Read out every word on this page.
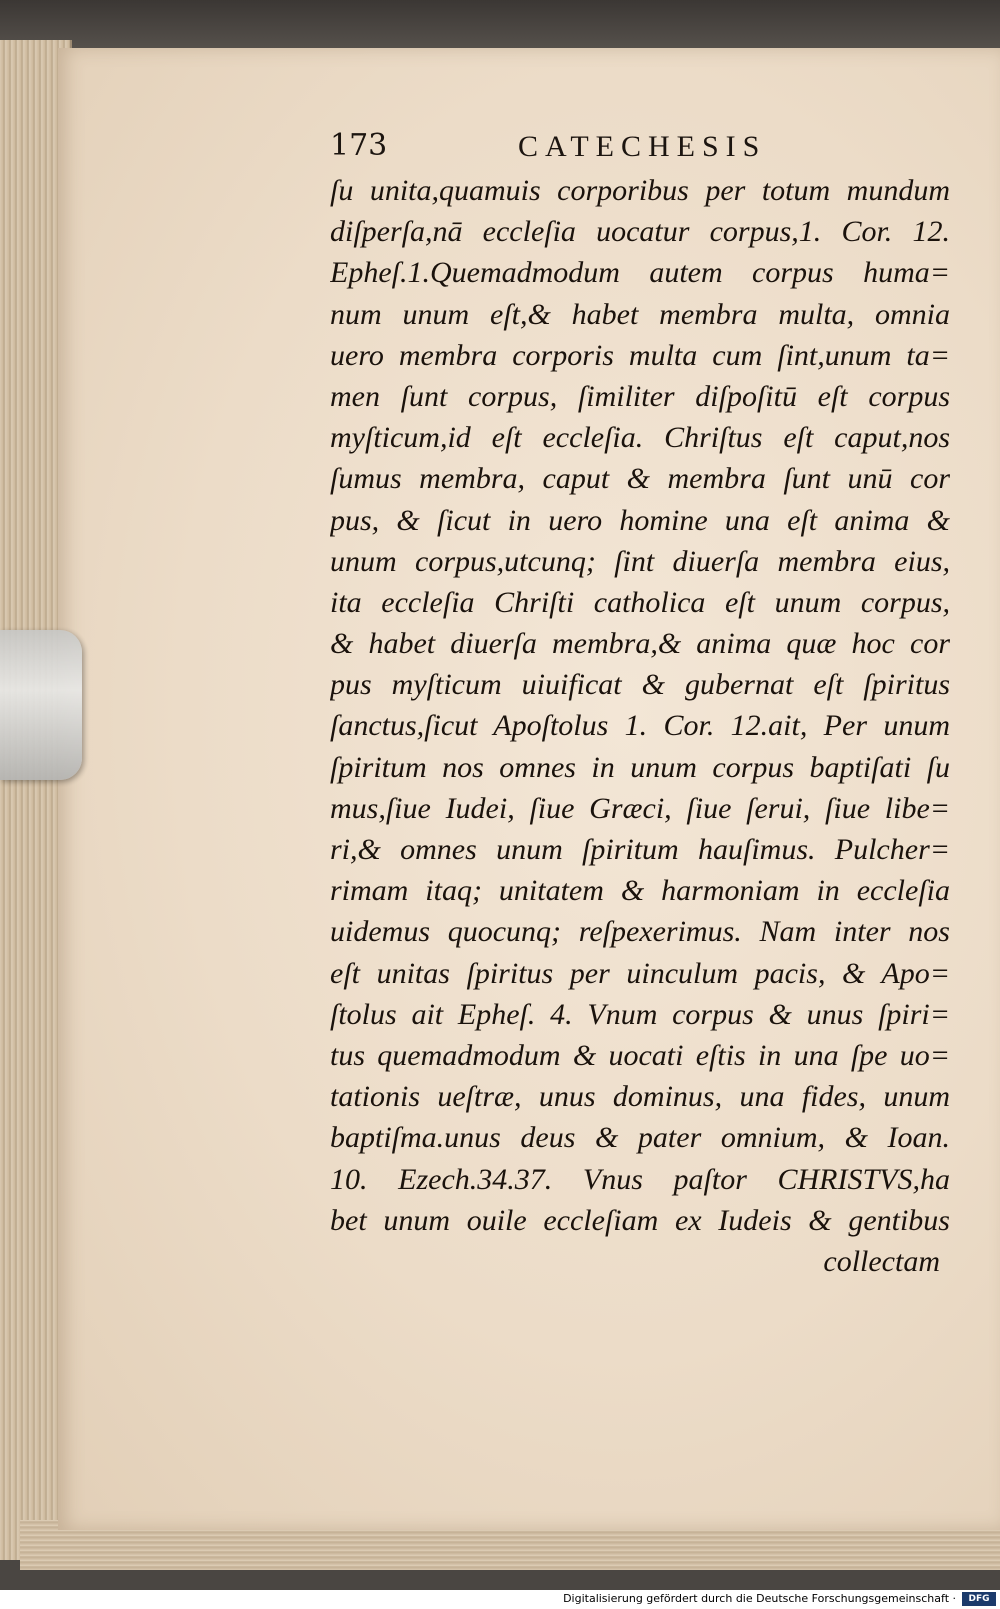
173	CATECHESIS
ſu unita,quamuis corporibus per totum mundum
diſperſa,nā eccleſia uocatur corpus,1. Cor. 12.
Epheſ.1.Quemadmodum autem corpus huma=
num unum eſt,& habet membra multa, omnia
uero membra corporis multa cum ſint,unum ta=
men ſunt corpus, ſimiliter diſpoſitū eſt corpus
myſticum,id eſt eccleſia. Chriſtus eſt caput,nos
ſumus membra, caput & membra ſunt unū cor
pus, & ſicut in uero homine una eſt anima &
unum corpus,utcunq; ſint diuerſa membra eius,
ita eccleſia Chriſti catholica eſt unum corpus,
& habet diuerſa membra,& anima quæ hoc cor
pus myſticum uiuificat & gubernat eſt ſpiritus
ſanctus,ſicut Apoſtolus 1. Cor. 12.ait, Per unum
ſpiritum nos omnes in unum corpus baptiſati ſu
mus,ſiue Iudei, ſiue Græci, ſiue ſerui, ſiue libe=
ri,& omnes unum ſpiritum hauſimus. Pulcher=
rimam itaq; unitatem & harmoniam in eccleſia
uidemus quocunq; reſpexerimus. Nam inter nos
eſt unitas ſpiritus per uinculum pacis, & Apo=
ſtolus ait Epheſ. 4. Vnum corpus & unus ſpiri=
tus quemadmodum & uocati eſtis in una ſpe uo=
tationis ueſtræ, unus dominus, una fides, unum
baptiſma.unus deus & pater omnium, & Ioan.
10. Ezech.34.37. Vnus paſtor CHRISTVS,ha
bet unum ouile eccleſiam ex Iudeis & gentibus
collectam
Digitalisierung gefördert durch die Deutsche Forschungsgemeinschaft ·	DFG
